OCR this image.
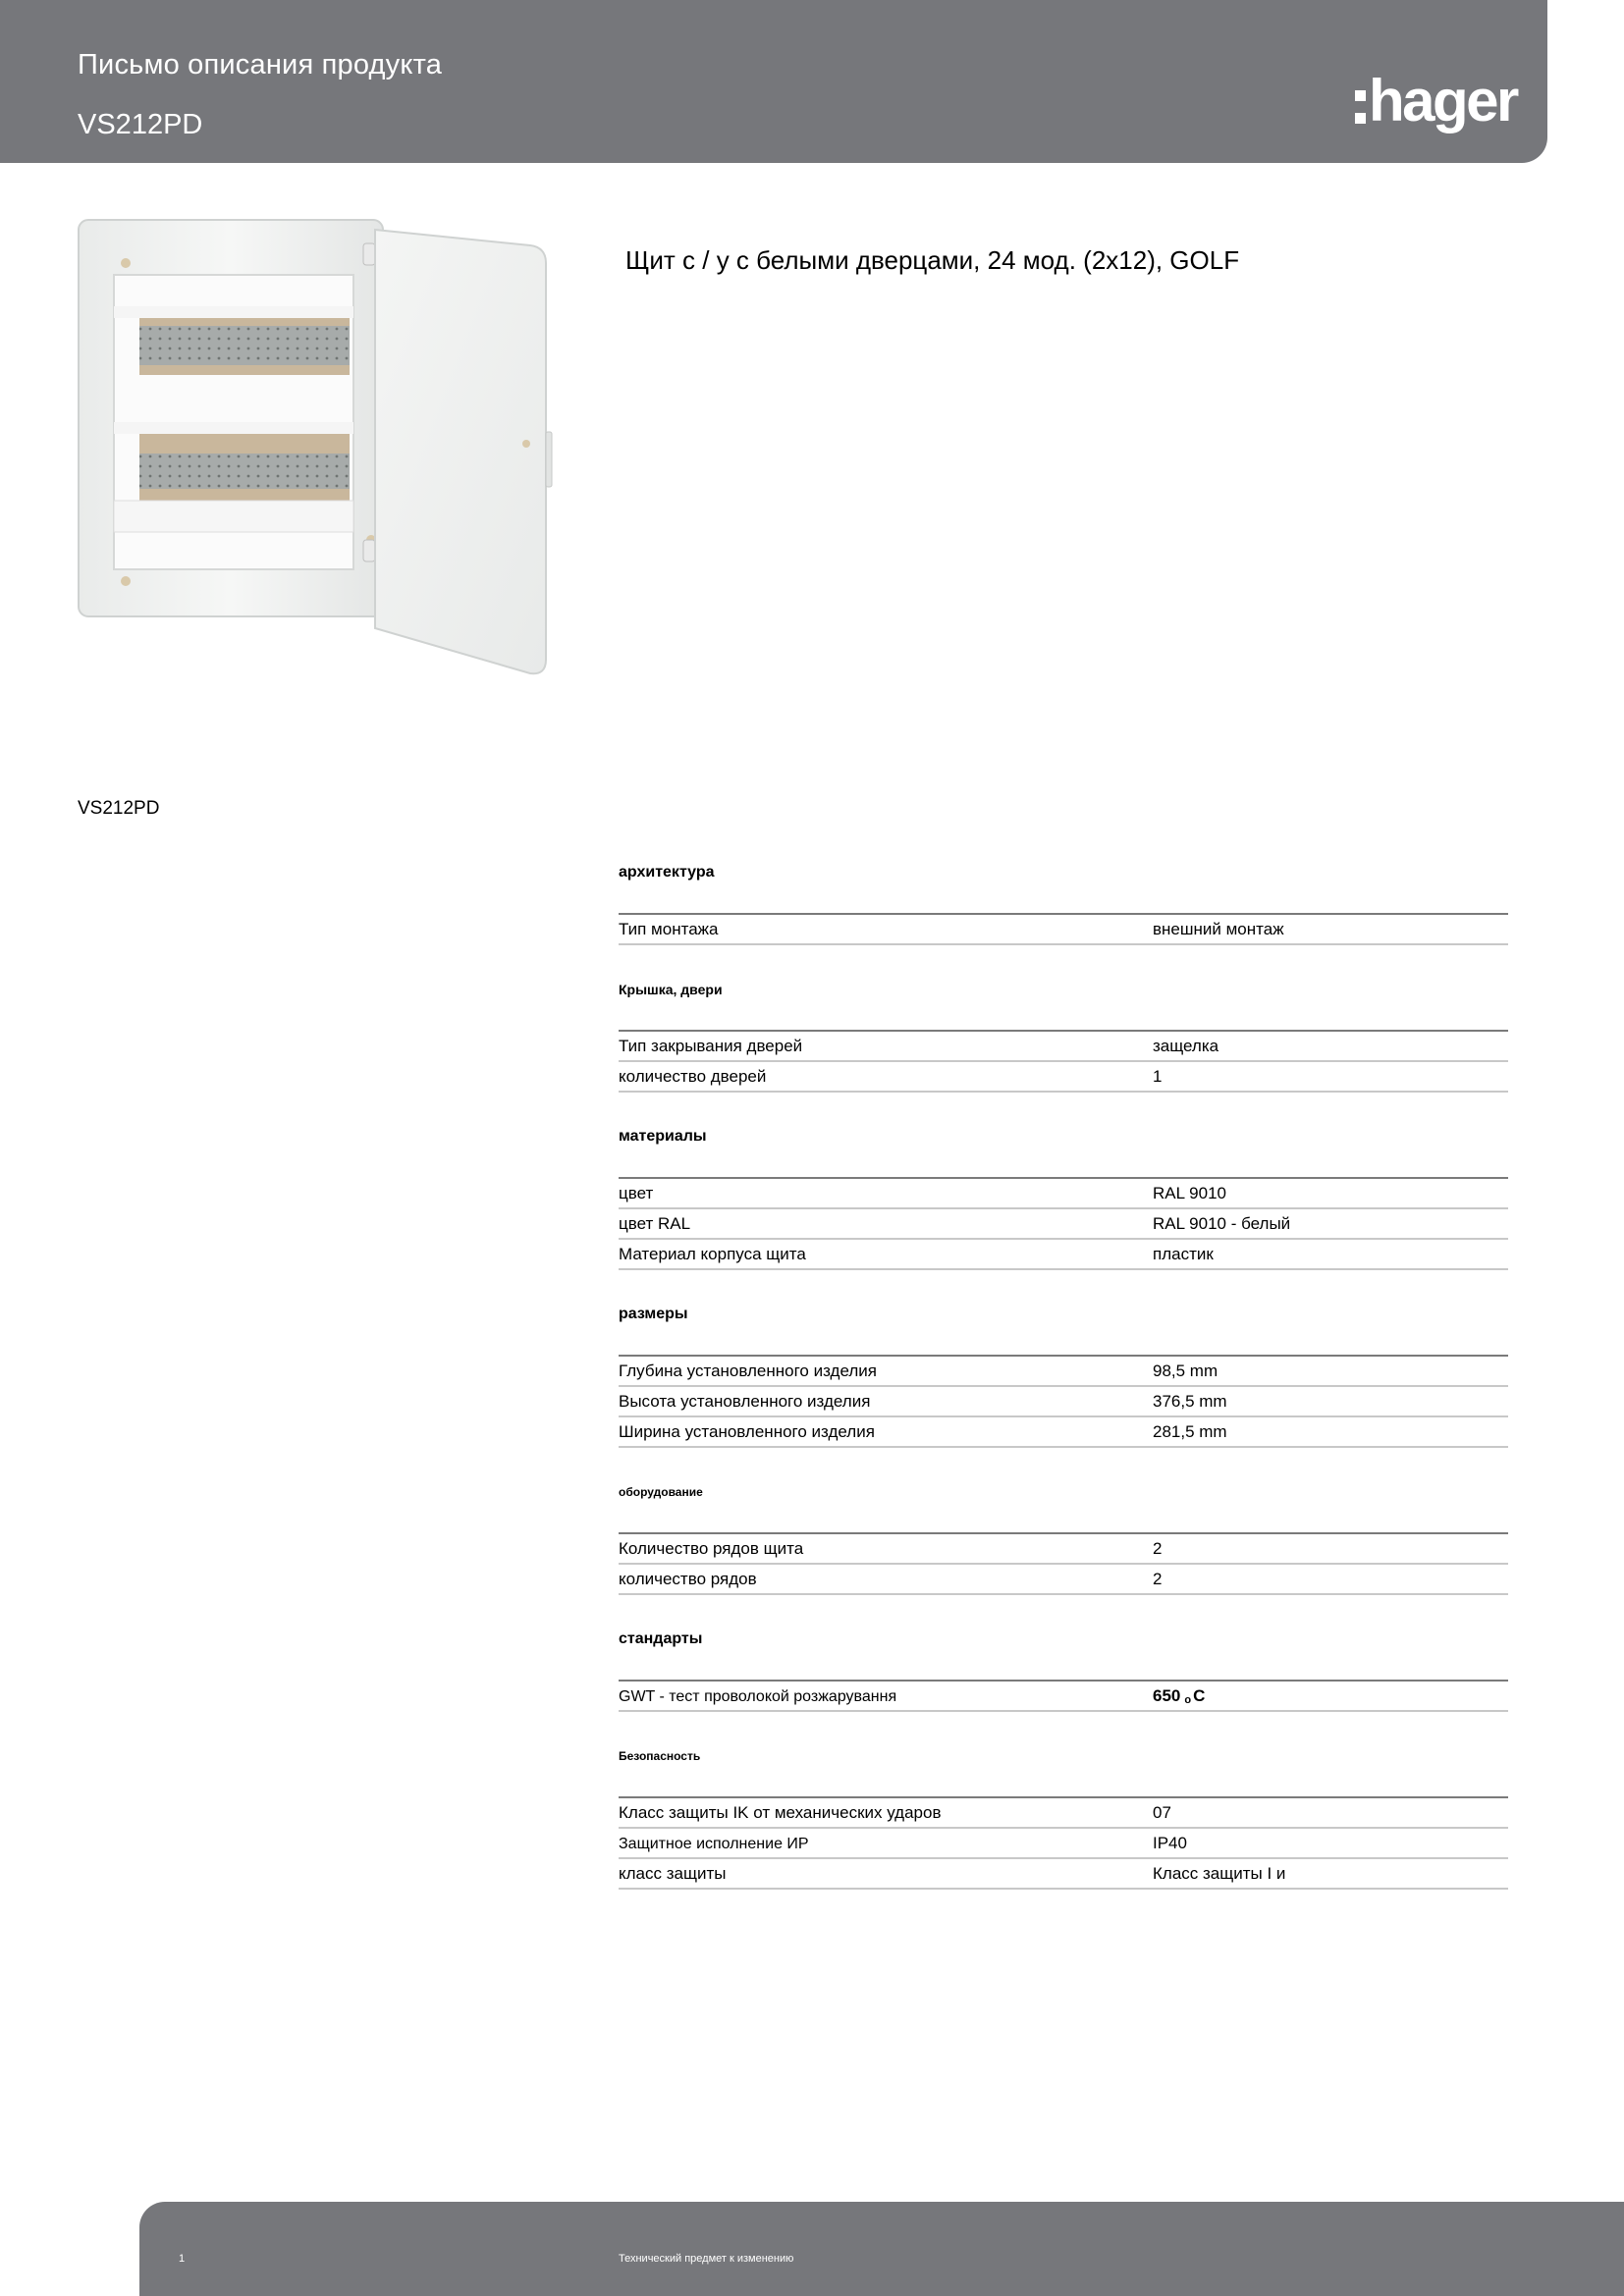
Письмо описания продукта
VS212PD	hager
Щит с / у с белыми дверцами, 24 мод. (2x12), GOLF
VS212PD
архитектура
Тип монтажа	внешний монтаж
Крышка, двери
Тип закрывания дверей	защелка
количество дверей	1
материалы
цвет	RAL 9010
цвет RAL	RAL 9010 - белый
Материал корпуса щита	пластик
размеры
Глубина установленного изделия	98,5 mm
Высота установленного изделия	376,5 mm
Ширина установленного изделия	281,5 mm
оборудование
Количество рядов щита	2
количество рядов	2
стандарты
GWT - тест проволокой розжарування	650 o C
Безопасность
Класс защиты IK от механических ударов	07
Защитное исполнение ИР	IP40
класс защиты	Класс защиты I и
1	Технический предмет к изменению
